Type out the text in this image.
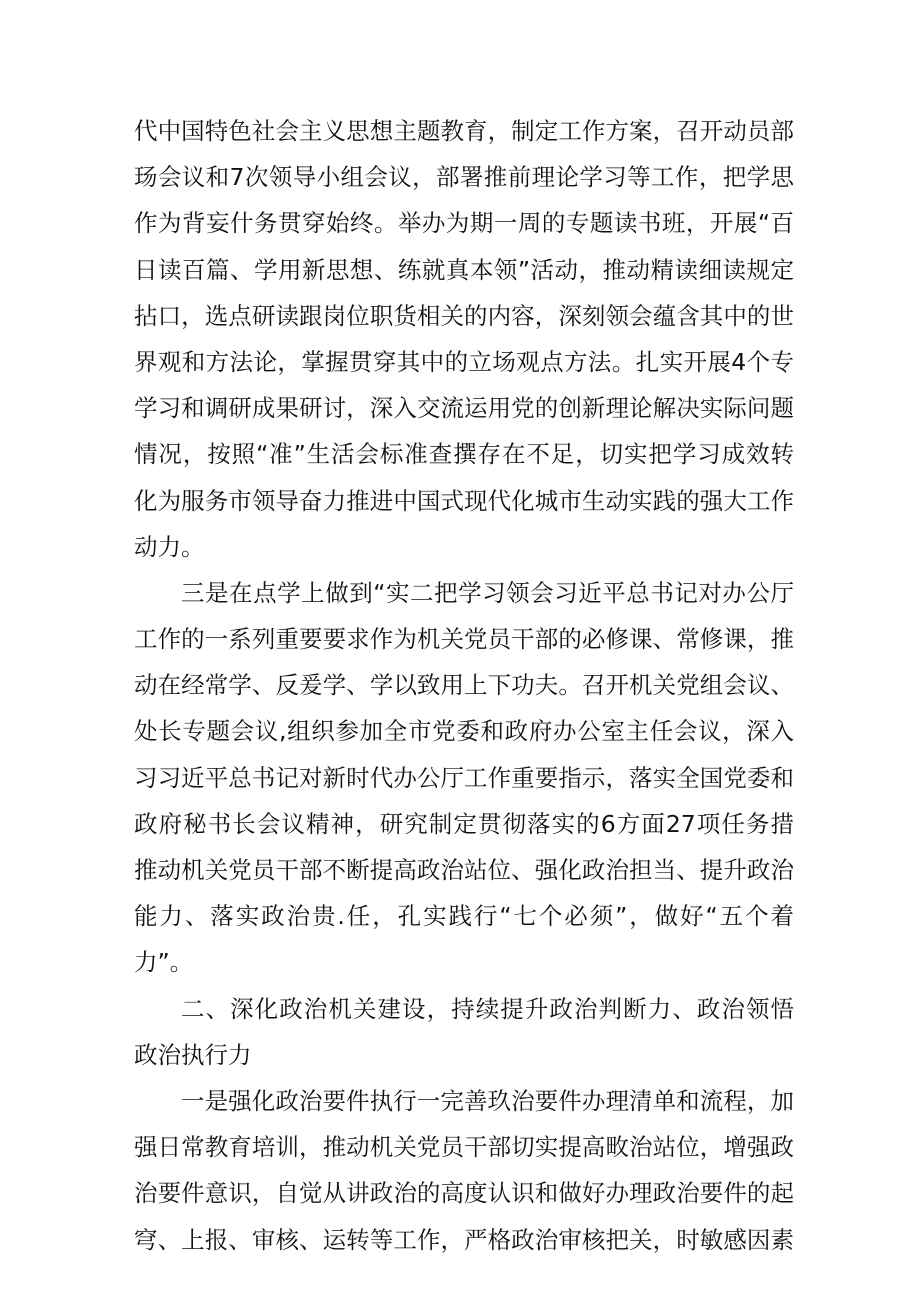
代中国特色社会主义思想主题教育，制定工作方案，召开动员部
玚会议和7次领导小组会议，部署推前理论学习等工作，把学思
作为背妄什务贯穿始终。举办为期一周的专题读书班，开展“百
日读百篇、学用新思想、练就真本领”活动，推动精读细读规定
拈口，选点研读跟岗位职货相关的内容，深刻领会蕴含其中的世
界观和方法论，掌握贯穿其中的立场观点方法。扎实开展4个专
学习和调研成果研讨，深入交流运用党的创新理论解决实际问题
情况，按照“准”生活会标准查撰存在不足，切实把学习成效转
化为服务市领导奋力推进中国式现代化城市生动实践的强大工作
动力。
三是在点学上做到“实二把学习领会习近平总书记对办公厅
工作的一系列重要要求作为机关党员干部的必修课、常修课，推
动在经常学、反爰学、学以致用上下功夫。召开机关党组会议、
处长专题会议,组织参加全市党委和政府办公室主任会议，深入
习习近平总书记对新时代办公厅工作重要指示，落实全国党委和
政府秘书长会议精神，研究制定贯彻落实的6方面27项任务措
推动机关党员干部不断提高政治站位、强化政治担当、提升政治
能力、落实政治贵.任，孔实践行“七个必须”，做好“五个着
力”。
二、深化政治机关建设，持续提升政治判断力、政治领悟
政治执行力
一是强化政治要件执行一完善玖治要件办理清单和流程，加
强日常教育培训，推动机关党员干部切实提高畋治站位，增强政
治要件意识，自觉从讲政治的高度认识和做好办理政治要件的起
穹、上报、审核、运转等工作，严格政治审核把关，时敏感因素
